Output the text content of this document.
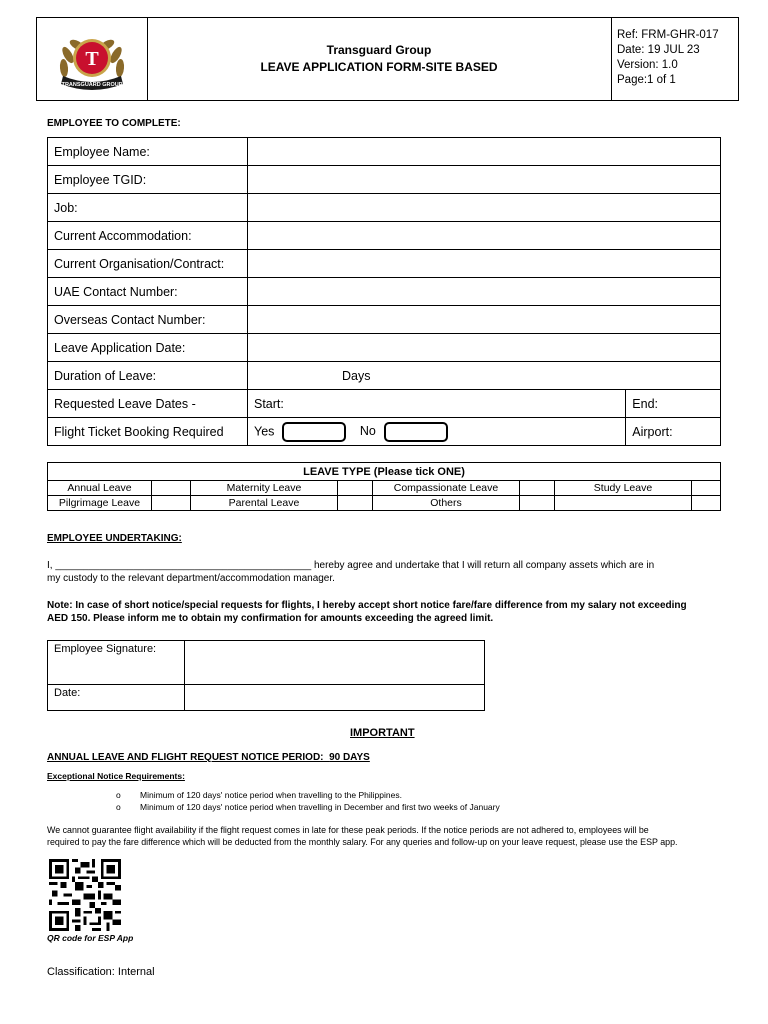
T
TRANSGUARD GROUP
Transguard Group
LEAVE APPLICATION FORM-SITE BASED
Ref: FRM-GHR-017
Date: 19 JUL 23
Version: 1.0
Page:1 of 1
EMPLOYEE TO COMPLETE:
Employee Name:		
Employee TGID:		
Job:		
Current Accommodation:		
Current Organisation/Contract:		
UAE Contact Number:		
Overseas Contact Number:		
Leave Application Date:		
Duration of Leave:	Days	
Requested Leave Dates -	Start:	End:
Flight Ticket Booking Required	Yes No	Airport:
LEAVE TYPE (Please tick ONE)							
Annual Leave		Maternity Leave		Compassionate Leave		Study Leave	
Pilgrimage Leave		Parental Leave		Others			
EMPLOYEE UNDERTAKING:
I, ______________________________________________ hereby agree and undertake that I will return all company assets which are in
my custody to the relevant department/accommodation manager.
Note: In case of short notice/special requests for flights, I hereby accept short notice fare/fare difference from my salary not exceeding
AED 150. Please inform me to obtain my confirmation for amounts exceeding the agreed limit.
Employee Signature:	
Date:	
IMPORTANT
ANNUAL LEAVE AND FLIGHT REQUEST NOTICE PERIOD: 90 DAYS
Exceptional Notice Requirements:
o Minimum of 120 days' notice period when travelling to the Philippines.
o Minimum of 120 days' notice period when travelling in December and first two weeks of January
We cannot guarantee flight availability if the flight request comes in late for these peak periods. If the notice periods are not adhered to, employees will be
required to pay the fare difference which will be deducted from the monthly salary. For any queries and follow-up on your leave request, please use the ESP app.
QR code for ESP App
Classification: Internal
